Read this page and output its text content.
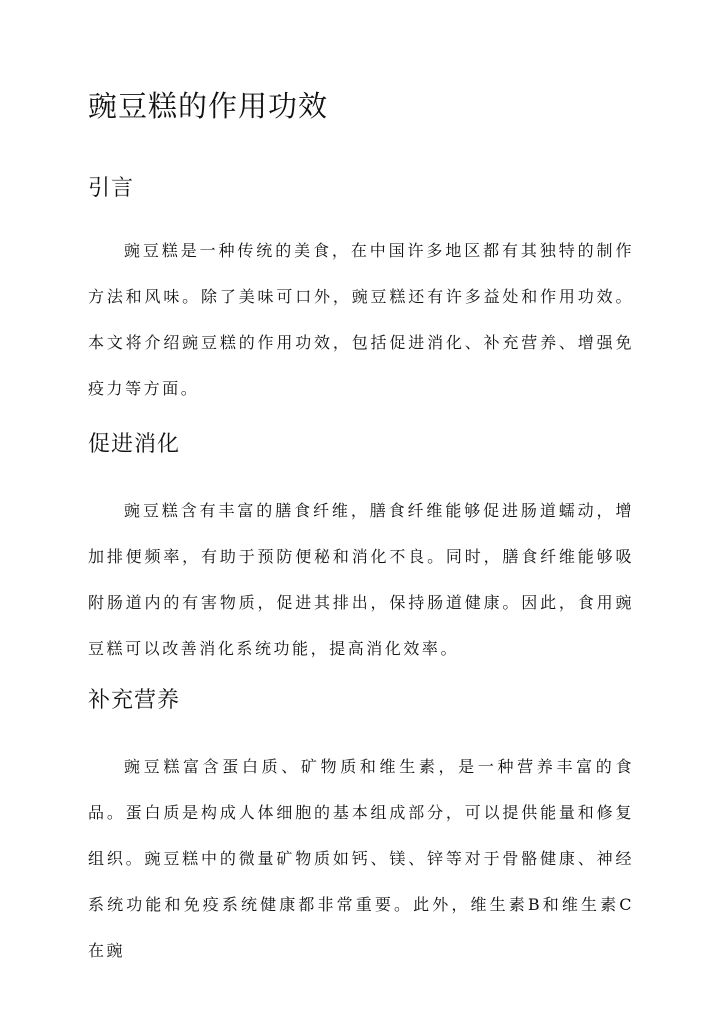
豌豆糕的作用功效
引言

豌豆糕是一种传统的美食，在中国许多地区都有其独特的制作方法和风味。除了美味可口外，豌豆糕还有许多益处和作用功效。本文将介绍豌豆糕的作用功效，包括促进消化、补充营养、增强免疫力等方面。

促进消化

豌豆糕含有丰富的膳食纤维，膳食纤维能够促进肠道蠕动，增加排便频率，有助于预防便秘和消化不良。同时，膳食纤维能够吸附肠道内的有害物质，促进其排出，保持肠道健康。因此，食用豌豆糕可以改善消化系统功能，提高消化效率。

补充营养

豌豆糕富含蛋白质、矿物质和维生素，是一种营养丰富的食品。蛋白质是构成人体细胞的基本组成部分，可以提供能量和修复组织。豌豆糕中的微量矿物质如钙、镁、锌等对于骨骼健康、神经系统功能和免疫系统健康都非常重要。此外，维生素B和维生素C在豌
